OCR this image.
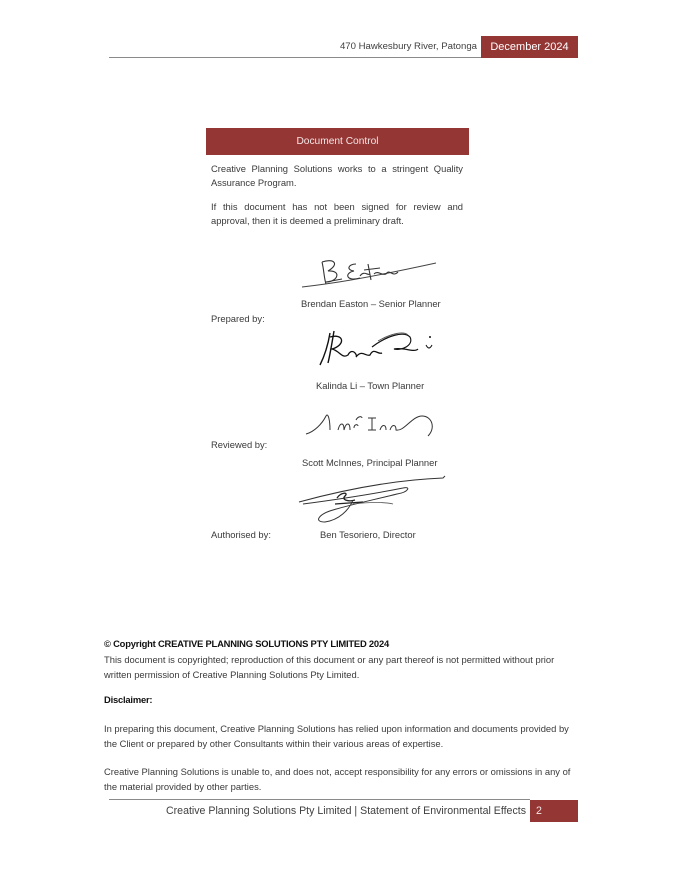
470 Hawkesbury River, Patonga	December 2024
Document Control
Creative Planning Solutions works to a stringent Quality Assurance Program.
If this document has not been signed for review and approval, then it is deemed a preliminary draft.
Brendan Easton – Senior Planner
Prepared by:
Kalinda Li – Town Planner
Reviewed by:
Scott McInnes, Principal Planner
Authorised by:	Ben Tesoriero, Director
© Copyright CREATIVE PLANNING SOLUTIONS PTY LIMITED 2024
This document is copyrighted; reproduction of this document or any part thereof is not permitted without prior written permission of Creative Planning Solutions Pty Limited.
Disclaimer:
In preparing this document, Creative Planning Solutions has relied upon information and documents provided by the Client or prepared by other Consultants within their various areas of expertise.
Creative Planning Solutions is unable to, and does not, accept responsibility for any errors or omissions in any of the material provided by other parties.
Creative Planning Solutions Pty Limited | Statement of Environmental Effects 2
